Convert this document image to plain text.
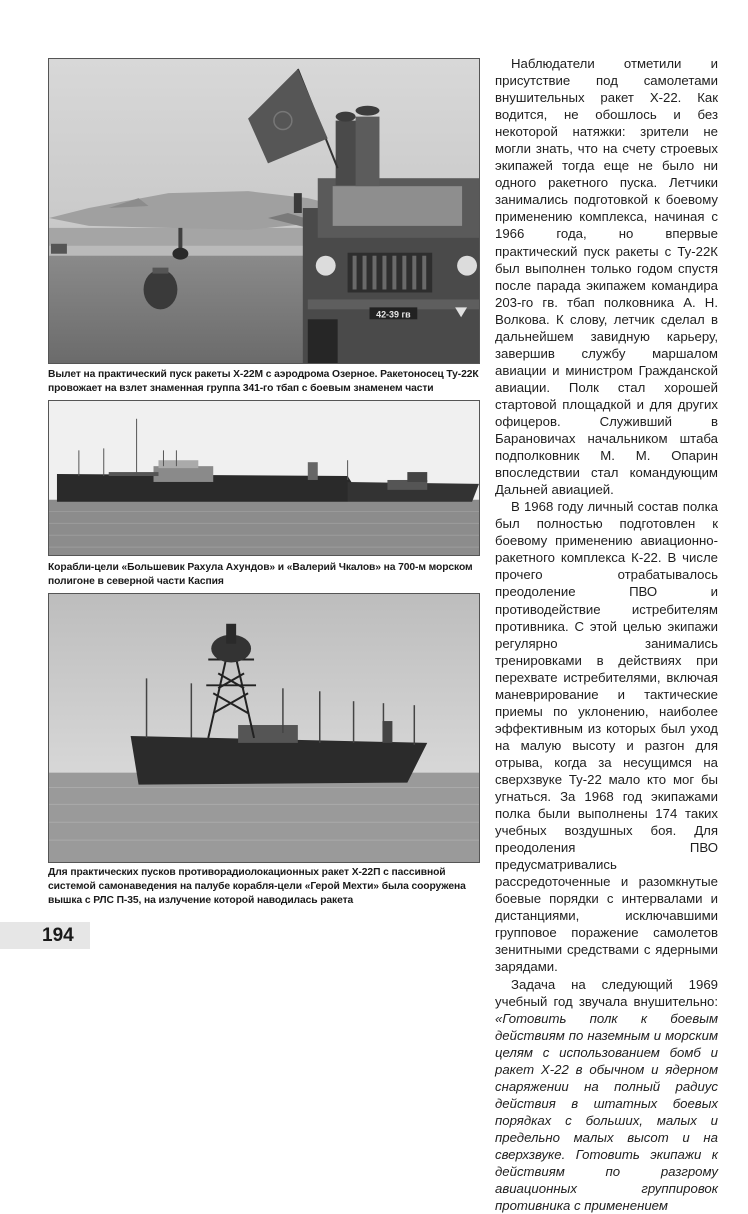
42-39 гв
Вылет на практический пуск ракеты Х-22М с аэродрома Озерное. Ракетоносец Ту-22К провожает на взлет знаменная группа 341-го тбап с боевым знаменем части
Корабли-цели «Большевик Рахула Ахундов» и «Валерий Чкалов» на 700-м морском полигоне в северной части Каспия
Для практических пусков противорадиолокационных ракет Х-22П с пассивной системой самонаведения на палубе корабля-цели «Герой Мехти» была сооружена вышка с РЛС П-35, на излучение которой наводилась ракета

Наблюдатели отметили и присутствие под самолетами внушительных ракет Х-22. Как водится, не обошлось и без некоторой натяжки: зрители не могли знать, что на счету строевых экипажей тогда еще не было ни одного ракетного пуска. Летчики занимались подготовкой к боевому применению комплекса, начиная с 1966 года, но впервые практический пуск ракеты с Ту-22К был выполнен только годом спустя после парада экипажем командира 203-го гв. тбап полковника А. Н. Волкова. К слову, летчик сделал в дальнейшем завидную карьеру, завершив службу маршалом авиации и министром Гражданской авиации. Полк стал хорошей стартовой площадкой и для других офицеров. Служивший в Барановичах начальником штаба подполковник М. М. Опарин впоследствии стал командующим Дальней авиацией.

В 1968 году личный состав полка был полностью подготовлен к боевому применению авиационно-ракетного комплекса К-22. В числе прочего отрабатывалось преодоление ПВО и противодействие истребителям противника. С этой целью экипажи регулярно занимались тренировками в действиях при перехвате истребителями, включая маневрирование и тактические приемы по уклонению, наиболее эффективным из которых был уход на малую высоту и разгон для отрыва, когда за несущимся на сверхзвуке Ту-22 мало кто мог бы угнаться. За 1968 год экипажами полка были выполнены 174 таких учебных воздушных боя. Для преодоления ПВО предусматривались рассредоточенные и разомкнутые боевые порядки с интервалами и дистанциями, исключавшими групповое поражение самолетов зенитными средствами с ядерными зарядами.

Задача на следующий 1969 учебный год звучала внушительно: «Готовить полк к боевым действиям по наземным и морским целям с использованием бомб и ракет Х-22 в обычном и ядерном снаряжении на полный радиус действия в штатных боевых порядках с больших, малых и предельно малых высот и на сверхзвуке. Готовить экипажи к действиям по разгрому авиационных группировок противника с применением

194
